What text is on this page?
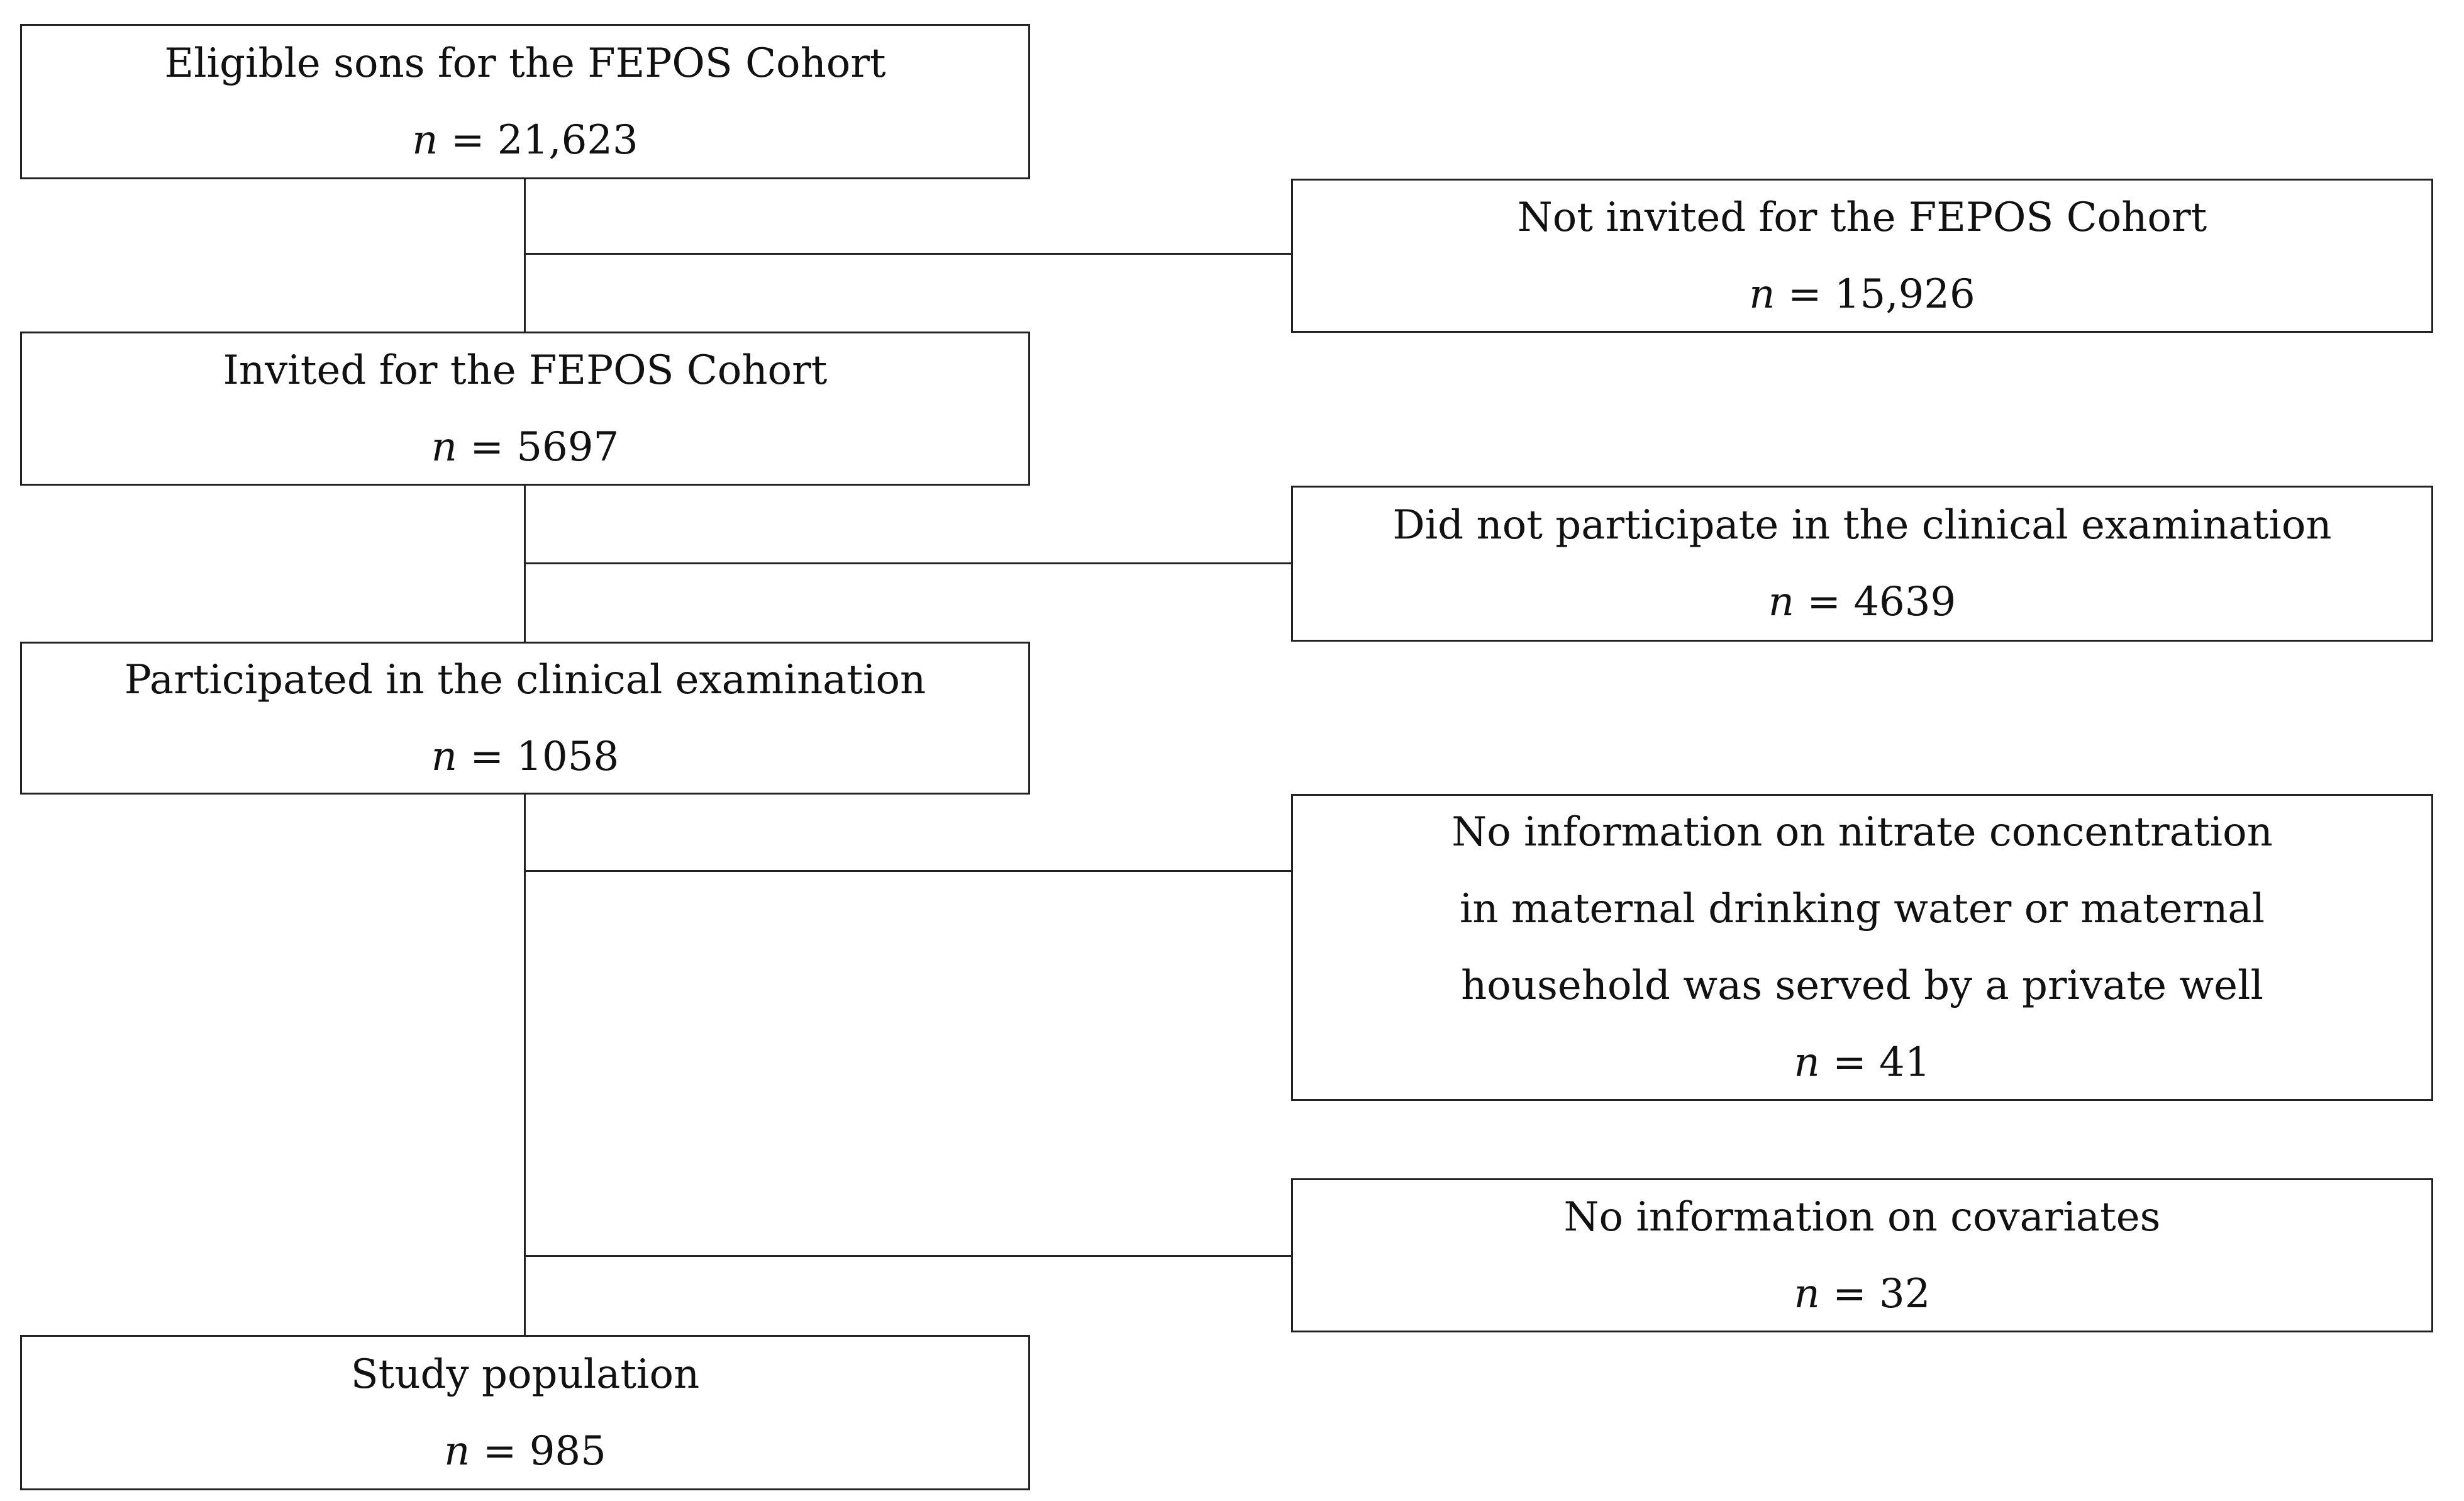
Eligible sons for the FEPOS Cohort
n = 21,623
Invited for the FEPOS Cohort
n = 5697
Participated in the clinical examination
n = 1058
Study population
n = 985
Not invited for the FEPOS Cohort
n = 15,926
Did not participate in the clinical examination
n = 4639
No information on nitrate concentration
in maternal drinking water or maternal
household was served by a private well
n = 41
No information on covariates
n = 32
